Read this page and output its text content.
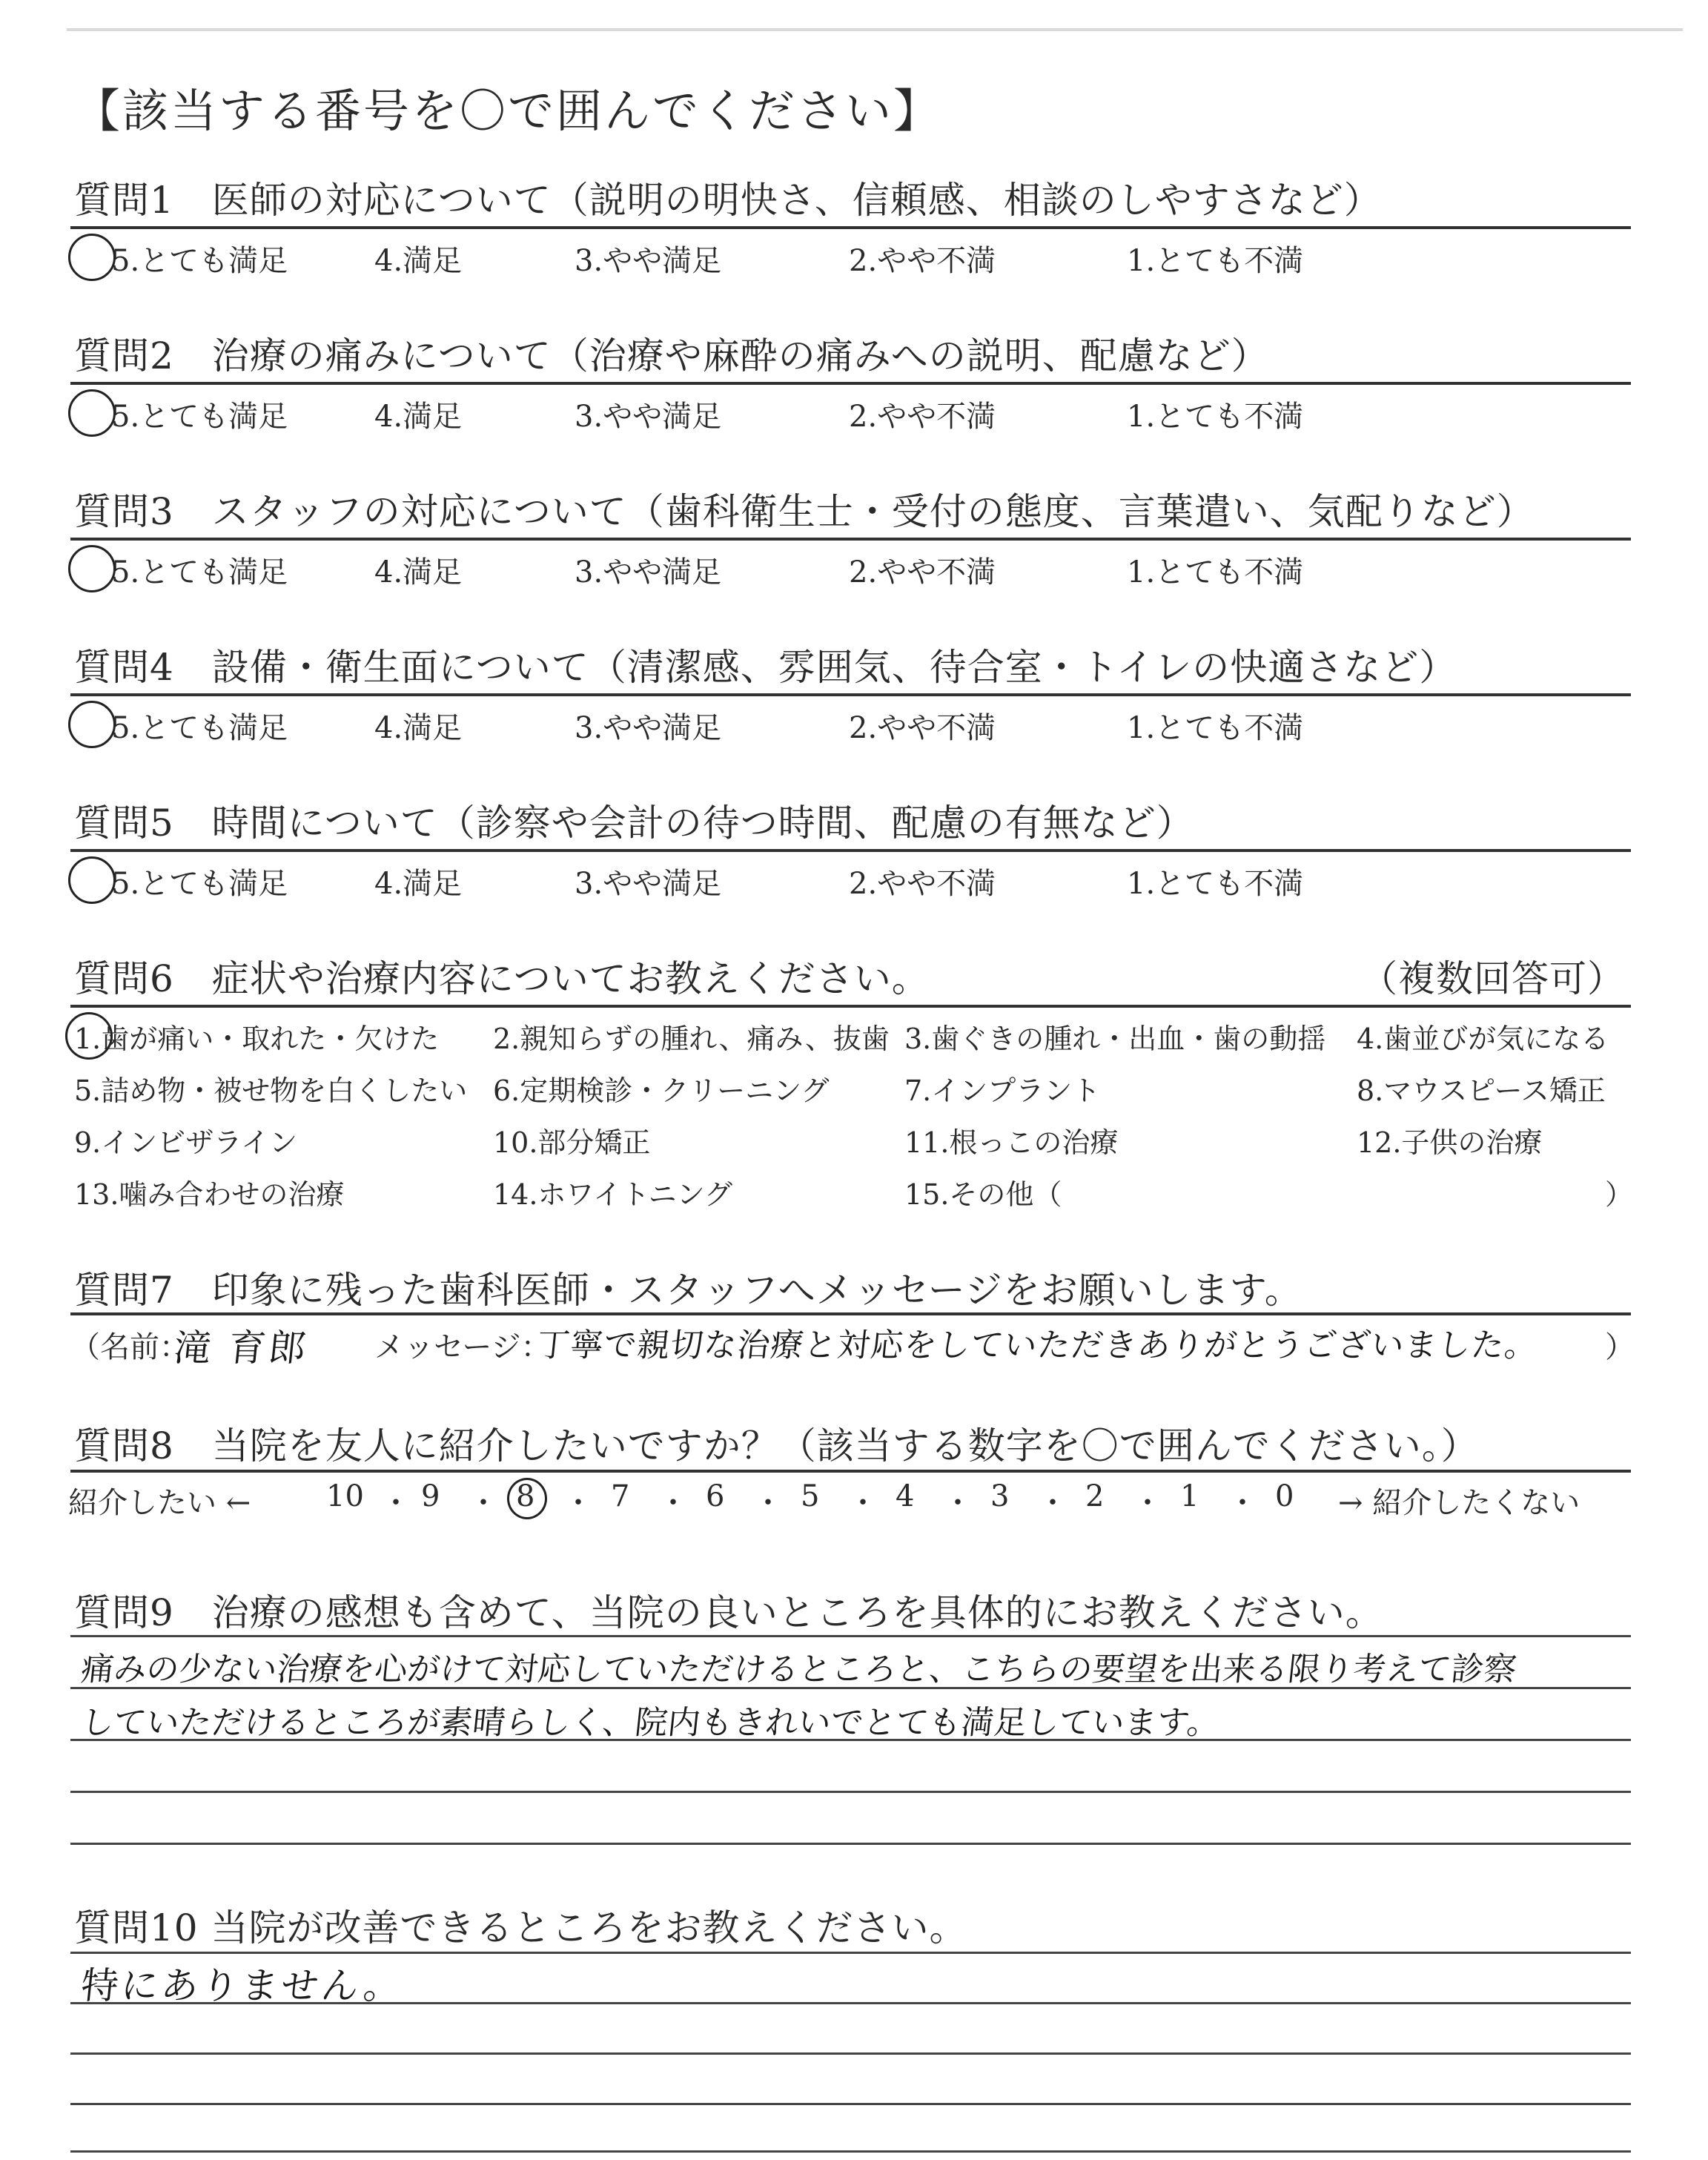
【該当する番号を〇で囲んでください】
質問1　医師の対応について（説明の明快さ、信頼感、相談のしやすさなど）
5.とても満足	4.満足	3.やや満足	2.やや不満	1.とても不満
質問2　治療の痛みについて（治療や麻酔の痛みへの説明、配慮など）
5.とても満足	4.満足	3.やや満足	2.やや不満	1.とても不満
質問3　スタッフの対応について（歯科衛生士・受付の態度、言葉遣い、気配りなど）
5.とても満足	4.満足	3.やや満足	2.やや不満	1.とても不満
質問4　設備・衛生面について（清潔感、雰囲気、待合室・トイレの快適さなど）
5.とても満足	4.満足	3.やや満足	2.やや不満	1.とても不満
質問5　時間について（診察や会計の待つ時間、配慮の有無など）
5.とても満足	4.満足	3.やや満足	2.やや不満	1.とても不満
質問6　症状や治療内容についてお教えください。	（複数回答可）
1.歯が痛い・取れた・欠けた 2.親知らずの腫れ、痛み、抜歯 3.歯ぐきの腫れ・出血・歯の動揺 4.歯並びが気になる
5.詰め物・被せ物を白くしたい 6.定期検診・クリーニング	7.インプラント	8.マウスピース矯正
9.インビザライン	10.部分矯正	11.根っこの治療	12.子供の治療
13.噛み合わせの治療	14.ホワイトニング	15.その他（	）
質問7　印象に残った歯科医師・スタッフへメッセージをお願いします。
（名前：
滝 育郎 メッセージ：
丁寧で親切な治療と対応をしていただきありがとうございました。 ）
質問8　当院を友人に紹介したいですか？（該当する数字を〇で囲んでください。）
紹介したい ←	→ 紹介したくない
10 ・ 9 ・ 8 ・ 7 ・ 6 ・ 5 ・ 4 ・ 3 ・ 2 ・ 1 ・ 0
質問9　治療の感想も含めて、当院の良いところを具体的にお教えください。
痛みの少ない治療を心がけて対応していただけるところと、こちらの要望を出来る限り考えて診察
していただけるところが素晴らしく、院内もきれいでとても満足しています。
質問10 当院が改善できるところをお教えください。
特にありません。
